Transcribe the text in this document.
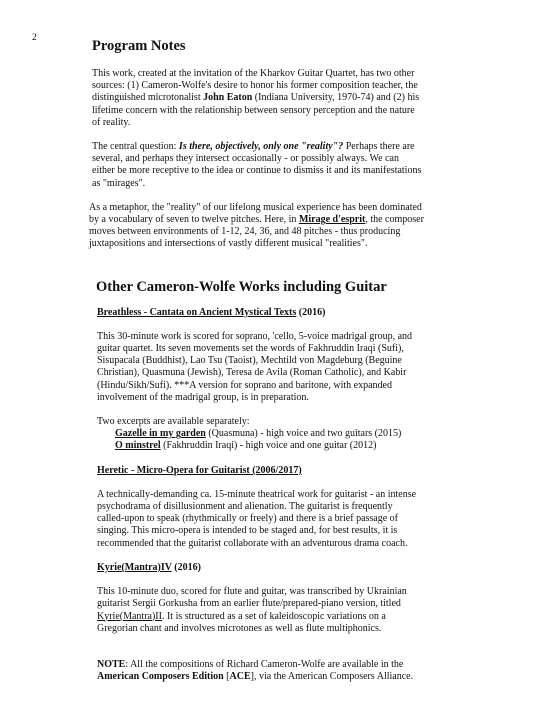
2	Program Notes

This work, created at the invitation of the Kharkov Guitar Quartet, has two other sources: (1) Cameron-Wolfe's desire to honor his former composition teacher, the distinguished microtonalist John Eaton (Indiana University, 1970-74) and (2) his lifetime concern with the relationship between sensory perception and the nature of reality.

The central question: Is there, objectively, only one "reality"? Perhaps there are several, and perhaps they intersect occasionally - or possibly always. We can either be more receptive to the idea or continue to dismiss it and its manifestations as "mirages".

As a metaphor, the "reality" of our lifelong musical experience has been dominated by a vocabulary of seven to twelve pitches. Here, in Mirage d'esprit, the composer moves between environments of 1-12, 24, 36, and 48 pitches - thus producing juxtapositions and intersections of vastly different musical "realities".

Other Cameron-Wolfe Works including Guitar

Breathless - Cantata on Ancient Mystical Texts (2016)

This 30-minute work is scored for soprano, 'cello, 5-voice madrigal group, and guitar quartet. Its seven movements set the words of Fakhruddin Iraqi (Sufi), Sisupacala (Buddhist), Lao Tsu (Taoist), Mechtild von Magdeburg (Beguine Christian), Quasmuna (Jewish), Teresa de Avila (Roman Catholic), and Kabir (Hindu/Sikh/Sufi). ***A version for soprano and baritone, with expanded involvement of the madrigal group, is in preparation.

Two excerpts are available separately:

Gazelle in my garden (Quasmuna) - high voice and two guitars (2015)

O minstrel (Fakhruddin Iraqi) - high voice and one guitar (2012)

Heretic - Micro-Opera for Guitarist (2006/2017)

A technically-demanding ca. 15-minute theatrical work for guitarist - an intense psychodrama of disillusionment and alienation. The guitarist is frequently called-upon to speak (rhythmically or freely) and there is a brief passage of singing. This micro-opera is intended to be staged and, for best results, it is recommended that the guitarist collaborate with an adventurous drama coach.

Kyrie(Mantra)IV (2016)

This 10-minute duo, scored for flute and guitar, was transcribed by Ukrainian guitarist Sergii Gorkusha from an earlier flute/prepared-piano version, titled Kyrie(Mantra)II. It is structured as a set of kaleidoscopic variations on a Gregorian chant and involves microtones as well as flute multiphonics.

NOTE: All the compositions of Richard Cameron-Wolfe are available in the American Composers Edition [ACE], via the American Composers Alliance.
